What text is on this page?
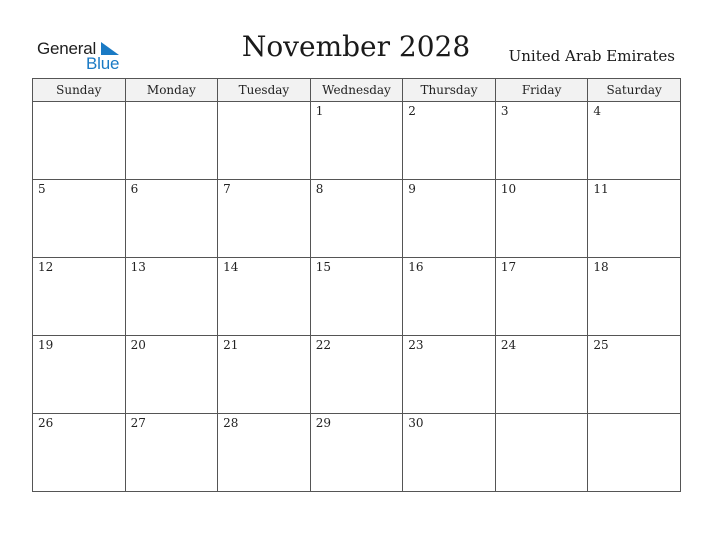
General
Blue
November 2028	United Arab Emirates
Sunday	Monday	Tuesday	Wednesday	Thursday	Friday	Saturday

			1	2	3	4

5	6	7	8	9	10	11

12	13	14	15	16	17	18

19	20	21	22	23	24	25

26	27	28	29	30		
